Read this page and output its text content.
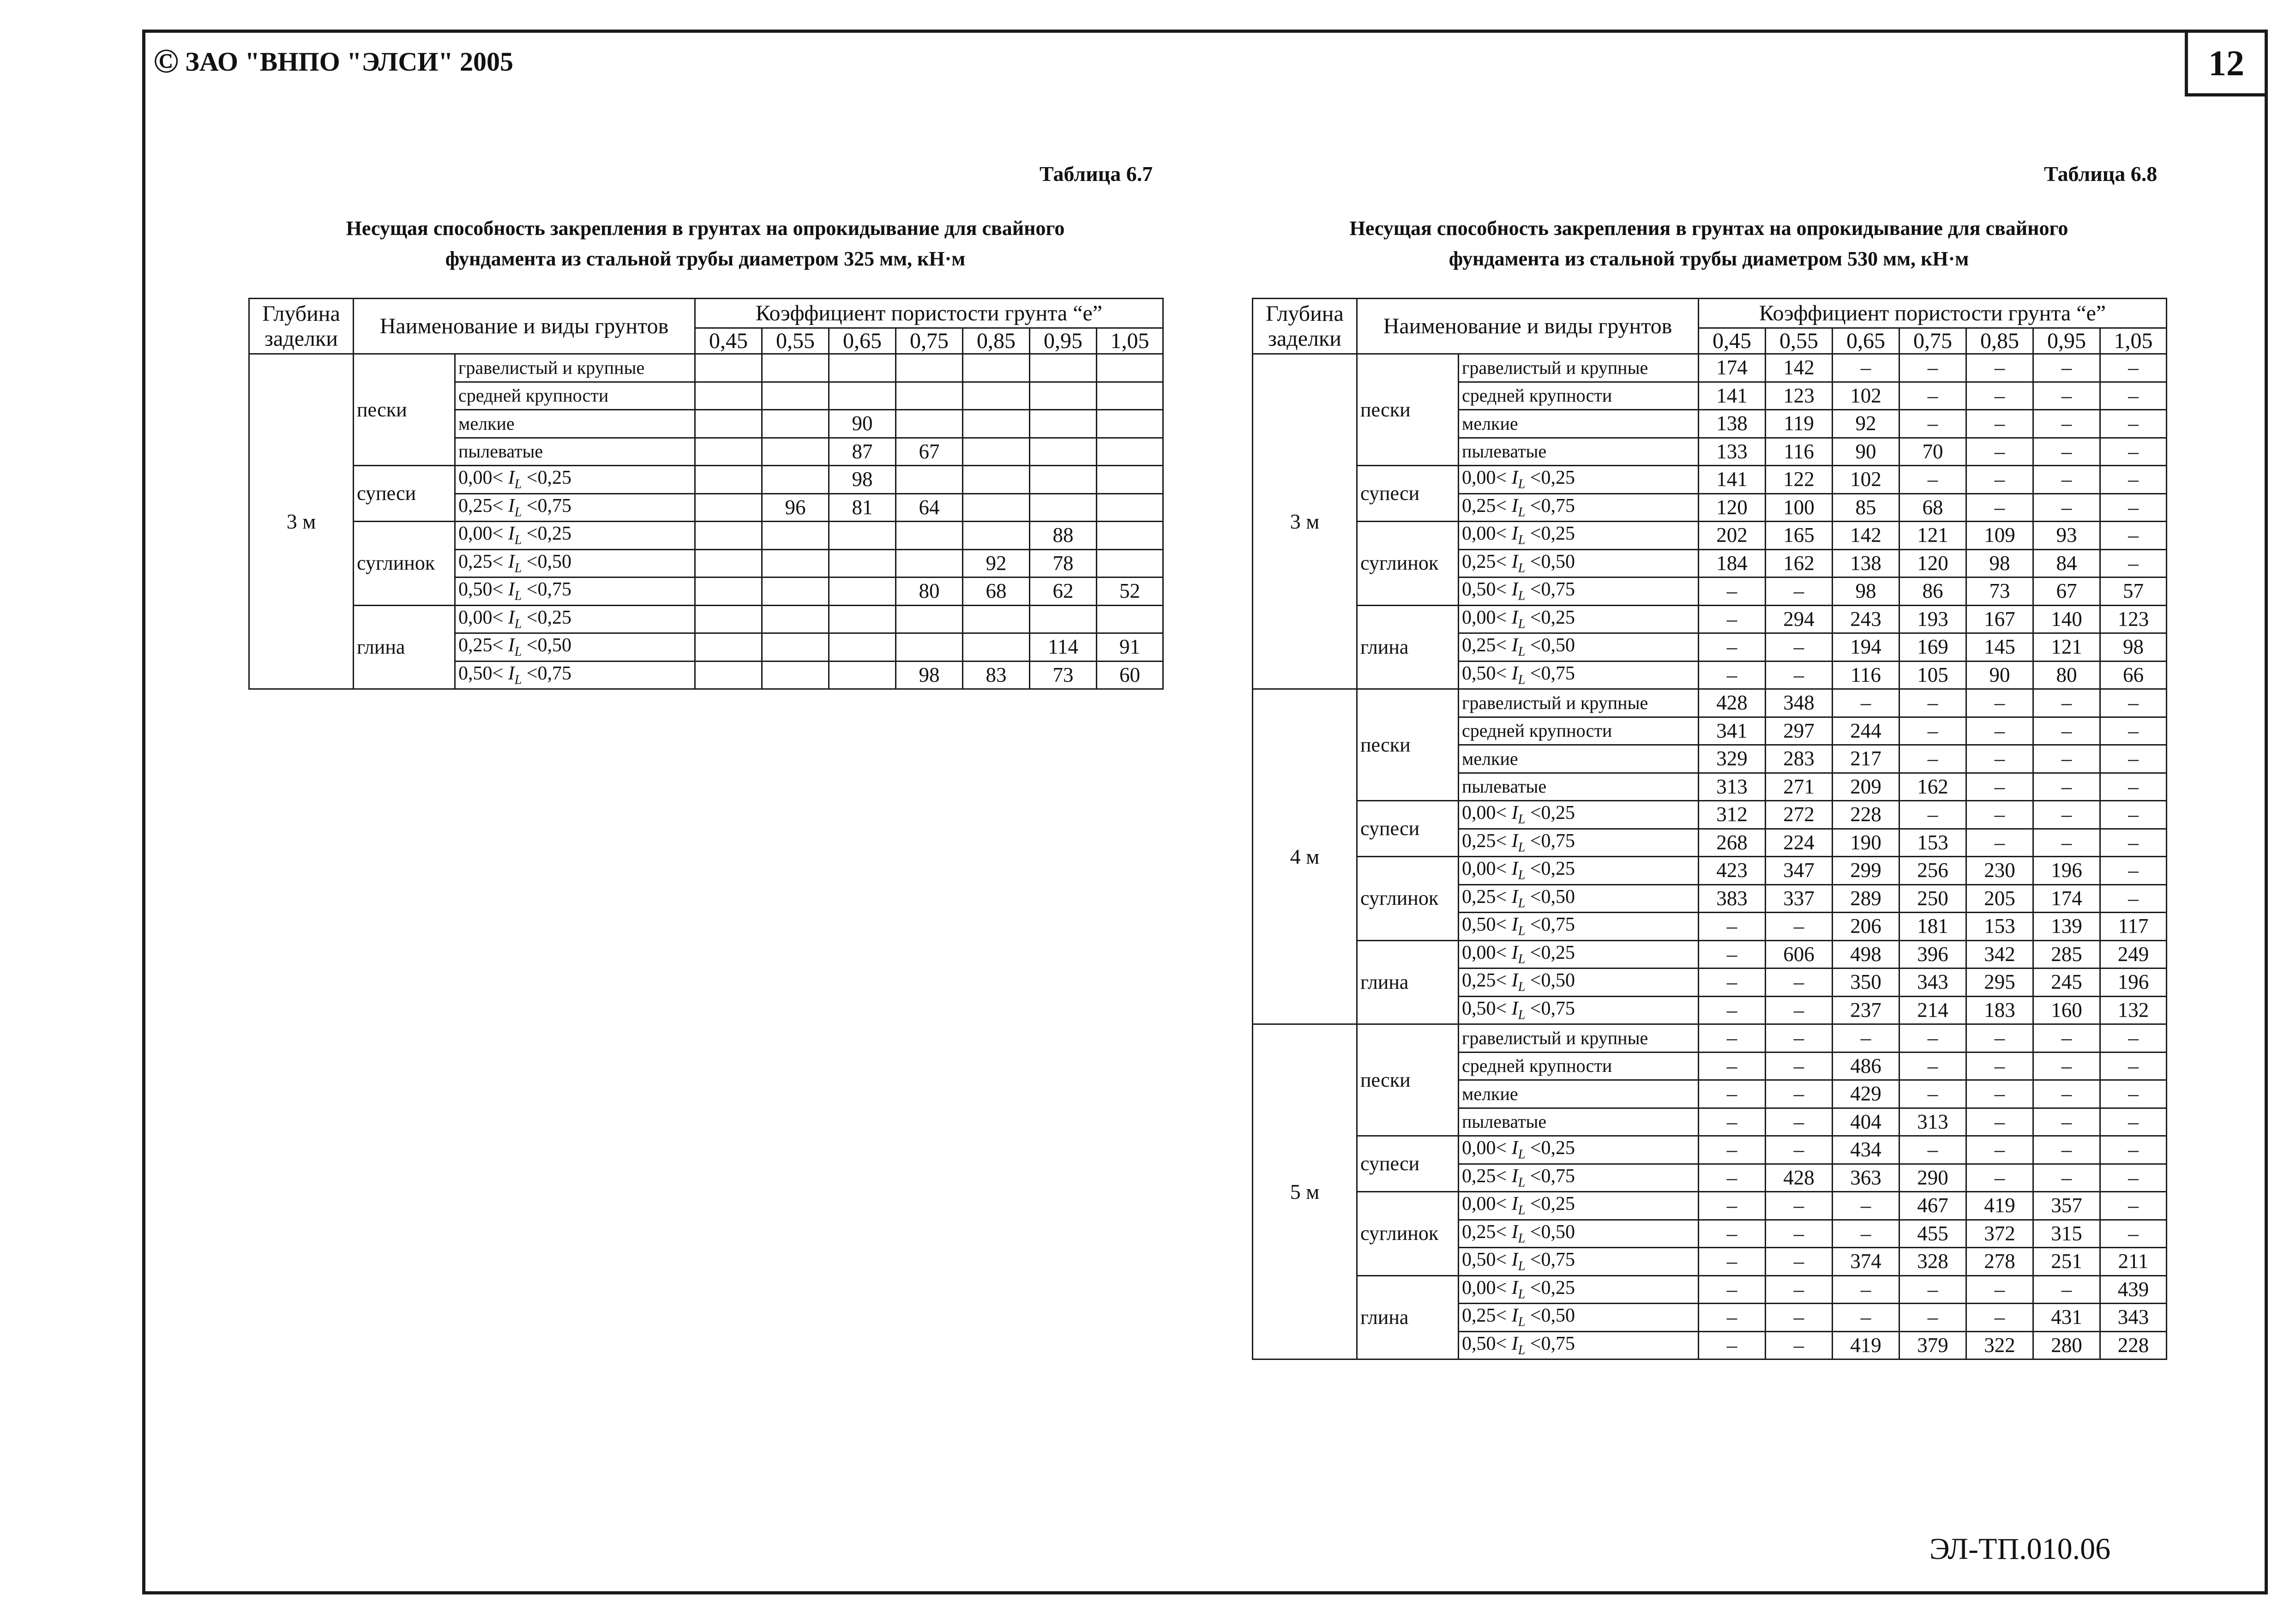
12
© ЗАО "ВНПО "ЭЛСИ" 2005
Таблица 6.7
Несущая способность закрепления в грунтах на опрокидывание для свайного
фундамента из стальной трубы диаметром 325 мм, кН·м
Таблица 6.8
Несущая способность закрепления в грунтах на опрокидывание для свайного
фундамента из стальной трубы диаметром 530 мм, кН·м
Глубина заделки	Наименование и виды грунтов		Коэффициент пористости грунта “е”						
			0,45	0,55	0,65	0,75	0,85	0,95	1,05
3 м	пески	гравелистый и крупные							
		средней крупности							
		мелкие			90				
		пылеватые			87	67			
	супеси	$0,00< I_L <0,25$			98				
		$0,25< I_L <0,75$		96	81	64			
	суглинок	$0,00< I_L <0,25$						88	
		$0,25< I_L <0,50$					92	78	
		$0,50< I_L <0,75$				80	68	62	52
	глина	$0,00< I_L <0,25$							
		$0,25< I_L <0,50$						114	91
		$0,50< I_L <0,75$				98	83	73	60
Глубина заделки	Наименование и виды грунтов		Коэффициент пористости грунта “е”						
			0,45	0,55	0,65	0,75	0,85	0,95	1,05
3 м	пески	гравелистый и крупные	174	142	–	–	–	–	–
		средней крупности	141	123	102	–	–	–	–
		мелкие	138	119	92	–	–	–	–
		пылеватые	133	116	90	70	–	–	–
	супеси	$0,00< I_L <0,25$	141	122	102	–	–	–	–
		$0,25< I_L <0,75$	120	100	85	68	–	–	–
	суглинок	$0,00< I_L <0,25$	202	165	142	121	109	93	–
		$0,25< I_L <0,50$	184	162	138	120	98	84	–
		$0,50< I_L <0,75$	–	–	98	86	73	67	57
	глина	$0,00< I_L <0,25$	–	294	243	193	167	140	123
		$0,25< I_L <0,50$	–	–	194	169	145	121	98
		$0,50< I_L <0,75$	–	–	116	105	90	80	66
4 м	пески	гравелистый и крупные	428	348	–	–	–	–	–
		средней крупности	341	297	244	–	–	–	–
		мелкие	329	283	217	–	–	–	–
		пылеватые	313	271	209	162	–	–	–
	супеси	$0,00< I_L <0,25$	312	272	228	–	–	–	–
		$0,25< I_L <0,75$	268	224	190	153	–	–	–
	суглинок	$0,00< I_L <0,25$	423	347	299	256	230	196	–
		$0,25< I_L <0,50$	383	337	289	250	205	174	–
		$0,50< I_L <0,75$	–	–	206	181	153	139	117
	глина	$0,00< I_L <0,25$	–	606	498	396	342	285	249
		$0,25< I_L <0,50$	–	–	350	343	295	245	196
		$0,50< I_L <0,75$	–	–	237	214	183	160	132
5 м	пески	гравелистый и крупные	–	–	–	–	–	–	–
		средней крупности	–	–	486	–	–	–	–
		мелкие	–	–	429	–	–	–	–
		пылеватые	–	–	404	313	–	–	–
	супеси	$0,00< I_L <0,25$	–	–	434	–	–	–	–
		$0,25< I_L <0,75$	–	428	363	290	–	–	–
	суглинок	$0,00< I_L <0,25$	–	–	–	467	419	357	–
		$0,25< I_L <0,50$	–	–	–	455	372	315	–
		$0,50< I_L <0,75$	–	–	374	328	278	251	211
	глина	$0,00< I_L <0,25$	–	–	–	–	–	–	439
		$0,25< I_L <0,50$	–	–	–	–	–	431	343
		$0,50< I_L <0,75$	–	–	419	379	322	280	228
ЭЛ-ТП.010.06
